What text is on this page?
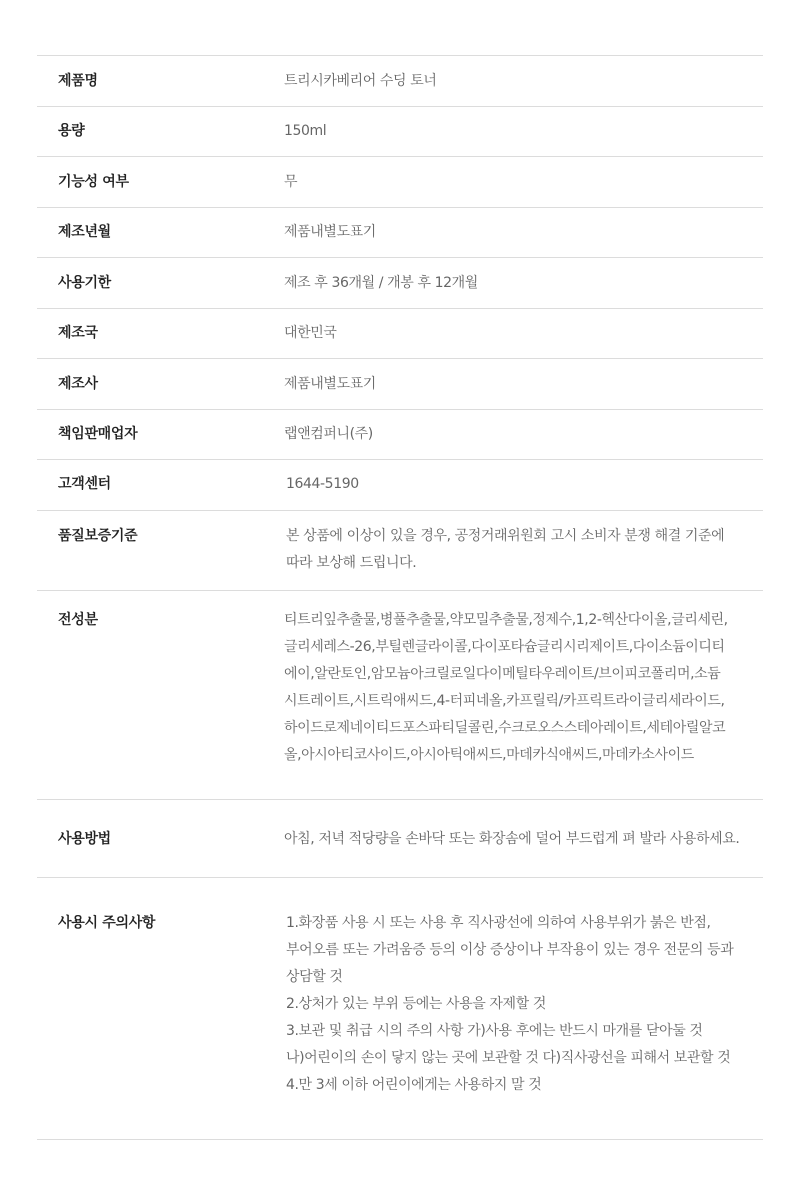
제품명	트리시카베리어 수딩 토너
용량	150ml
기능성 여부	무
제조년월	제품내별도표기
사용기한	제조 후 36개월 / 개봉 후 12개월
제조국	대한민국
제조사	제품내별도표기
책임판매업자	랩앤컴퍼니(주)
고객센터	1644-5190
품질보증기준	본 상품에 이상이 있을 경우, 공정거래위원회 고시 소비자 분쟁 해결 기준에
따라 보상해 드립니다.
전성분	티트리잎추출물,병풀추출물,약모밀추출물,정제수,1,2-헥산다이올,글리세린,
글리세레스-26,부틸렌글라이콜,다이포타슘글리시리제이트,다이소듐이디티
에이,알란토인,암모늄아크릴로일다이메틸타우레이트/브이피코폴리머,소듐
시트레이트,시트릭애씨드,4-터피네올,카프릴릭/카프릭트라이글리세라이드,
하이드로제네이티드포스파티딜콜린,수크로오스스테아레이트,세테아릴알코
올,아시아티코사이드,아시아틱애씨드,마데카식애씨드,마데카소사이드
사용방법	아침, 저녁 적당량을 손바닥 또는 화장솜에 덜어 부드럽게 펴 발라 사용하세요.
사용시 주의사항	1.화장품 사용 시 또는 사용 후 직사광선에 의하여 사용부위가 붉은 반점,
부어오름 또는 가려움증 등의 이상 증상이나 부작용이 있는 경우 전문의 등과
상담할 것
2.상처가 있는 부위 등에는 사용을 자제할 것
3.보관 및 취급 시의 주의 사항 가)사용 후에는 반드시 마개를 닫아둘 것
나)어린이의 손이 닿지 않는 곳에 보관할 것 다)직사광선을 피해서 보관할 것
4.만 3세 이하 어린이에게는 사용하지 말 것
